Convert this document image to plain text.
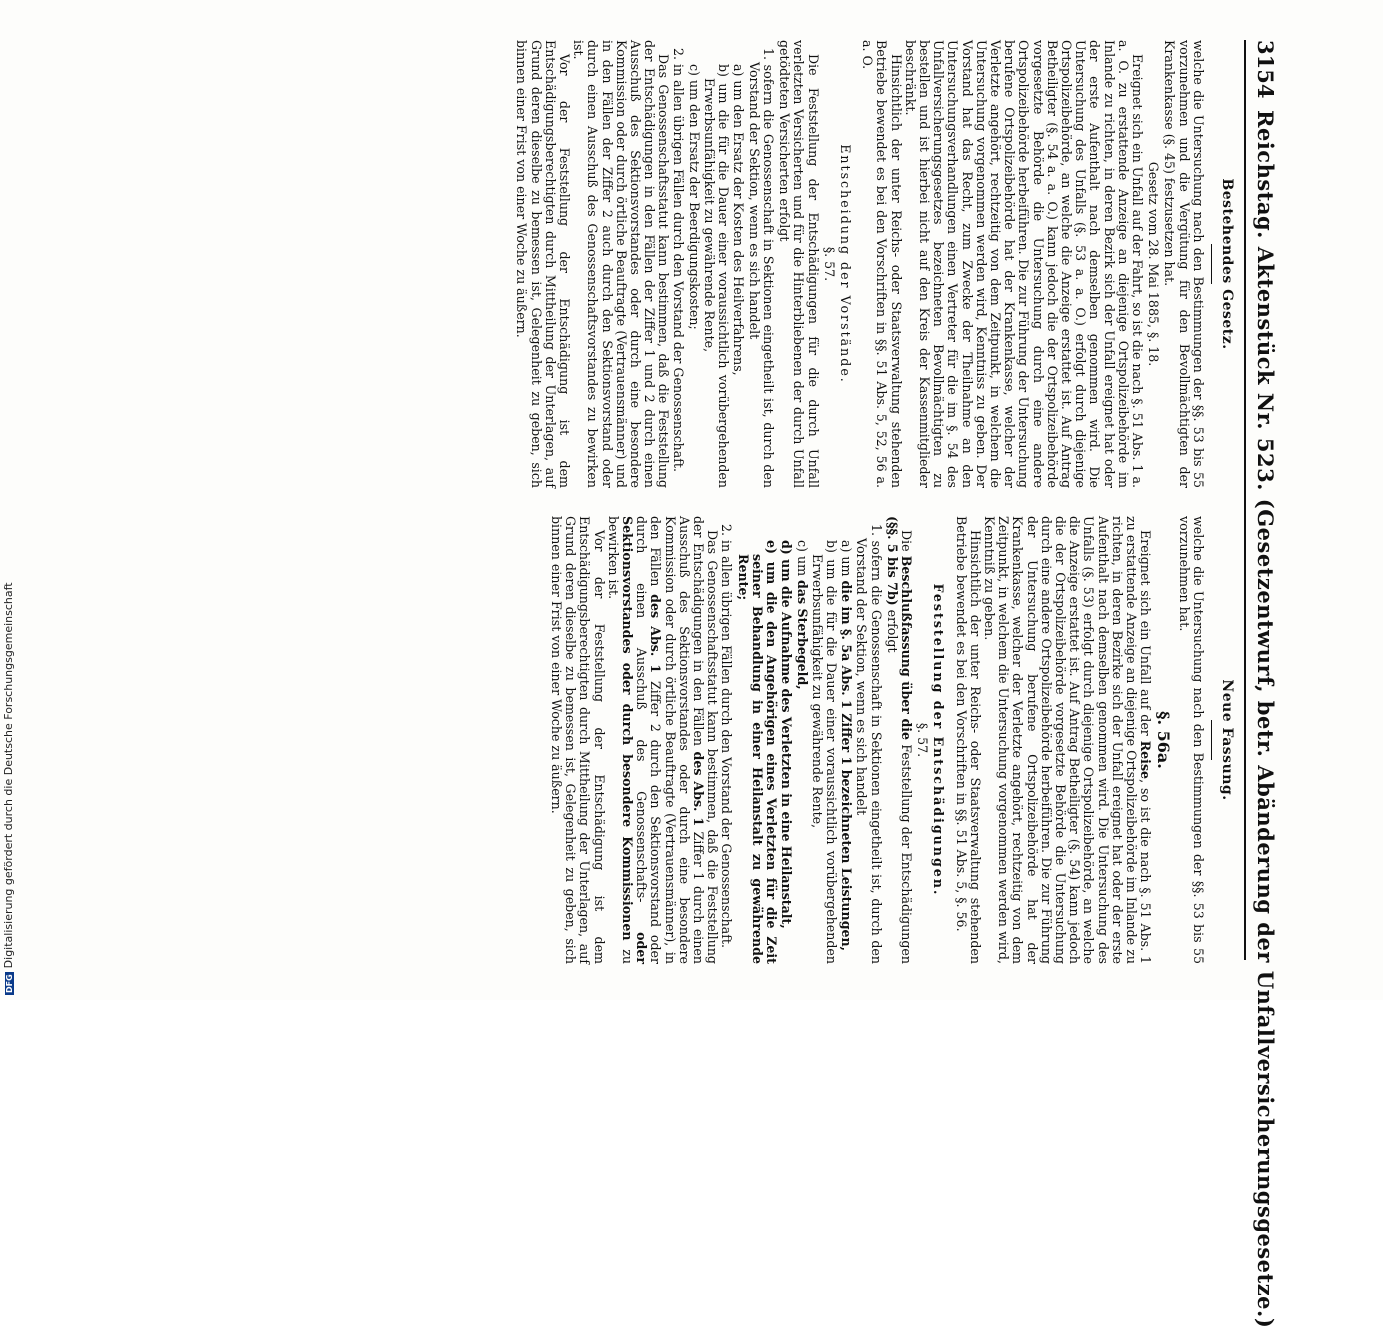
3154
Reichstag. Aktenstück Nr. 523. (Gesetzentwurf, betr. Abänderung der Unfallversicherungsgesetze.)
Bestehendes Gesetz.

welche die Untersuchung nach den Bestimmungen der §§. 53 bis 55 vorzunehmen und die Vergütung für den Bevollmächtigten der Krankenkasse (§. 45) festzusetzen hat.

Gesetz vom 28. Mai 1885, §. 18.

Ereignet sich ein Unfall auf der Fahrt, so ist die nach §. 51 Abs. 1 a. a. O. zu erstattende Anzeige an diejenige Ortspolizeibehörde im Inlande zu richten, in deren Bezirk sich der Unfall ereignet hat oder der erste Aufenthalt nach demselben genommen wird. Die Untersuchung des Unfalls (§. 53 a. a. O.) erfolgt durch diejenige Ortspolizeibehörde, an welche die Anzeige erstattet ist. Auf Antrag Betheiligter (§. 54 a. a. O.) kann jedoch die der Ortspolizeibehörde vorgesetzte Behörde die Untersuchung durch eine andere Ortspolizeibehörde herbeiführen. Die zur Führung der Untersuchung berufene Ortspolizeibehörde hat der Krankenkasse, welcher der Verletzte angehört, rechtzeitig von dem Zeitpunkt, in welchem die Untersuchung vorgenommen werden wird, Kenntniss zu geben. Der Vorstand hat das Recht, zum Zwecke der Theilnahme an den Untersuchungsverhandlungen einen Vertreter für die im §. 54 des Unfallversicherungsgesetzes bezeichneten Bevollmächtigten zu bestellen und ist hierbei nicht auf den Kreis der Kassenmitglieder beschränkt.

Hinsichtlich der unter Reichs- oder Staatsverwaltung stehenden Betriebe bewendet es bei den Vorschriften in §§. 51 Abs. 5, 52, 56 a. a. O.

Entscheidung der Vorstände.
§. 57.

Die Feststellung der Entschädigungen für die durch Unfall verletzten Versicherten und für die Hinterbliebenen der durch Unfall getödteten Versicherten erfolgt

1. sofern die Genossenschaft in Sektionen eingetheilt ist, durch den Vorstand der Sektion, wenn es sich handelt
a) um den Ersatz der Kosten des Heilverfahrens,
b) um die für die Dauer einer voraussichtlich vorübergehenden Erwerbsunfähigkeit zu gewährende Rente,
c) um den Ersatz der Beerdigungskosten;
2. in allen übrigen Fällen durch den Vorstand der Genossenschaft.

Das Genossenschaftsstatut kann bestimmen, daß die Feststellung der Entschädigungen in den Fällen der Ziffer 1 und 2 durch einen Ausschuß des Sektionsvorstandes oder durch eine besondere Kommission oder durch örtliche Beauftragte (Vertrauensmänner) und in den Fällen der Ziffer 2 auch durch den Sektionsvorstand oder durch einen Ausschuß des Genossenschaftsvorstandes zu bewirken ist.

Vor der Feststellung der Entschädigung ist dem Entschädigungsberechtigten durch Mittheilung der Unterlagen, auf Grund deren dieselbe zu bemessen ist, Gelegenheit zu geben, sich binnen einer Frist von einer Woche zu äußern.

Neue Fassung.

welche die Untersuchung nach den Bestimmungen der §§. 53 bis 55 vorzunehmen hat.

§. 56a.

Ereignet sich ein Unfall auf der Reise, so ist die nach §. 51 Abs. 1 zu erstattende Anzeige an diejenige Ortspolizeibehörde im Inlande zu richten, in deren Bezirke sich der Unfall ereignet hat oder der erste Aufenthalt nach demselben genommen wird. Die Untersuchung des Unfalls (§. 53) erfolgt durch diejenige Ortspolizeibehörde, an welche die Anzeige erstattet ist. Auf Antrag Betheiligter (§. 54) kann jedoch die der Ortspolizeibehörde vorgesetzte Behörde die Untersuchung durch eine andere Ortspolizeibehörde herbeiführen. Die zur Führung der Untersuchung berufene Ortspolizeibehörde hat der Krankenkasse, welcher der Verletzte angehört, rechtzeitig von dem Zeitpunkt, in welchem die Untersuchung vorgenommen werden wird, Kenntniß zu geben.

Hinsichtlich der unter Reichs- oder Staatsverwaltung stehenden Betriebe bewendet es bei den Vorschriften in §§. 51 Abs. 5, §. 56.

Feststellung der Entschädigungen.
§. 57.

Die Beschlußfassung über die Feststellung der Entschädigungen (§§. 5 bis 7b) erfolgt

1. sofern die Genossenschaft in Sektionen eingetheilt ist, durch den Vorstand der Sektion, wenn es sich handelt
a) um die im §. 5a Abs. 1 Ziffer 1 bezeichneten Leistungen,
b) um die für die Dauer einer voraussichtlich vorübergehenden Erwerbsunfähigkeit zu gewährende Rente,
c) um das Sterbegeld,
d) um die Aufnahme des Verletzten in eine Heilanstalt,
e) um die den Angehörigen eines Verletzten für die Zeit seiner Behandlung in einer Heilanstalt zu gewährende Rente;
2. in allen übrigen Fällen durch den Vorstand der Genossenschaft.

Das Genossenschaftsstatut kann bestimmen, daß die Feststellung der Entschädigungen in den Fällen des Abs. 1 Ziffer 1 durch einen Ausschuß des Sektionsvorstandes oder durch eine besondere Kommission oder durch örtliche Beauftragte (Vertrauensmänner), in den Fällen des Abs. 1 Ziffer 2 durch den Sektionsvorstand oder durch einen Ausschuß des Genossenschafts- oder Sektionsvorstandes oder durch besondere Kommissionen zu bewirken ist.

Vor der Feststellung der Entschädigung ist dem Entschädigungsberechtigten durch Mittheilung der Unterlagen, auf Grund deren dieselbe zu bemessen ist, Gelegenheit zu geben, sich binnen einer Frist von einer Woche zu äußern.

DFGDigitalisierung gefördert durch die Deutsche Forschungsgemeinschaft
